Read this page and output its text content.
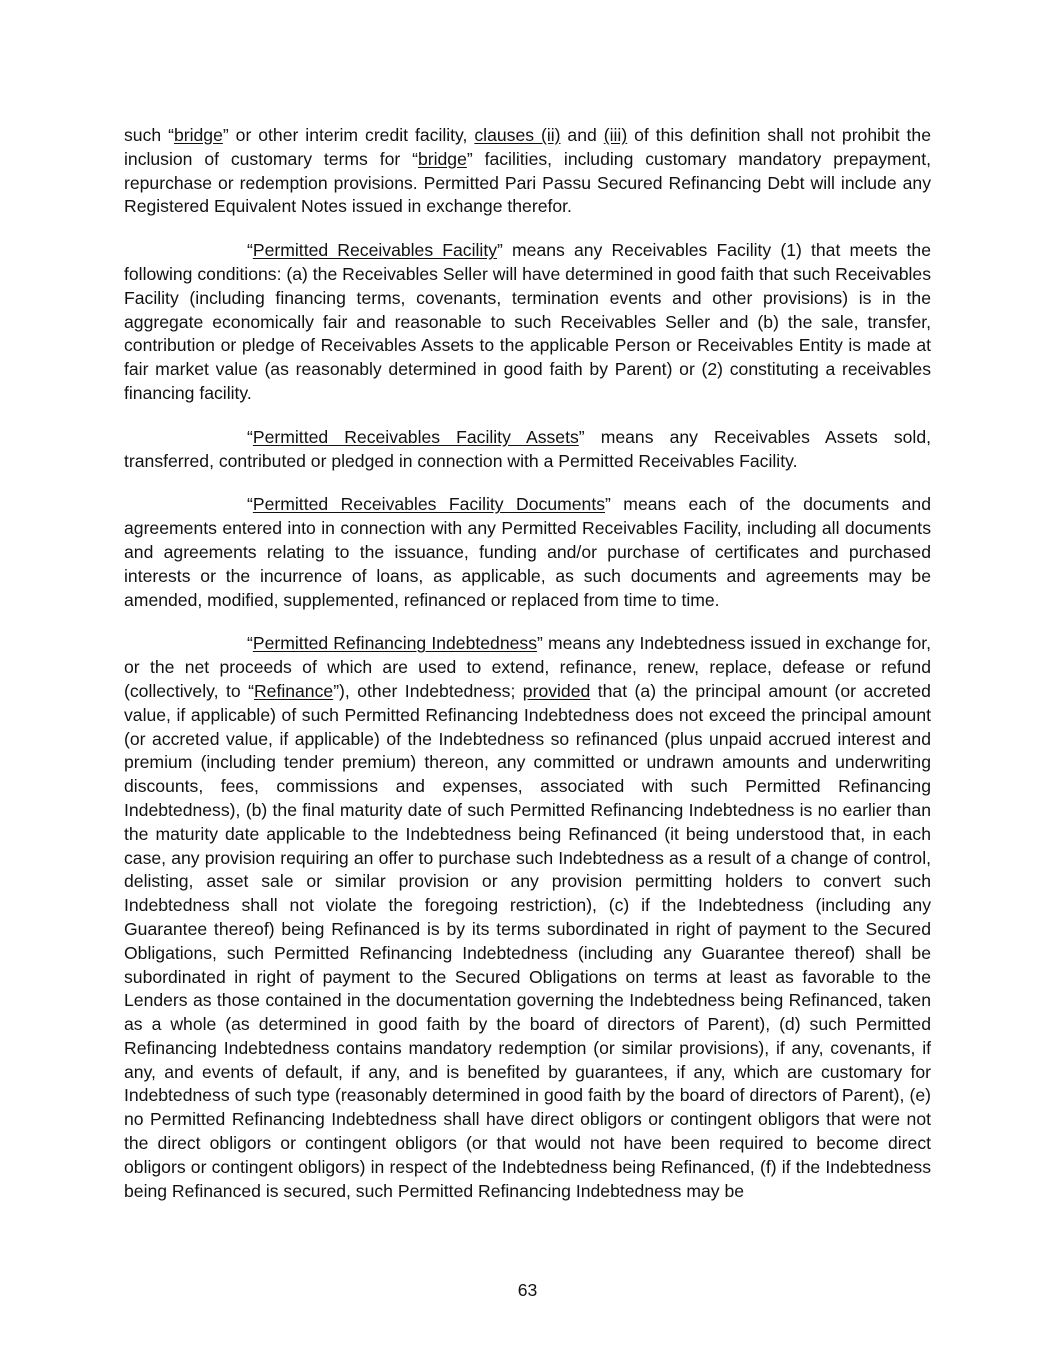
such “bridge” or other interim credit facility, clauses (ii) and (iii) of this definition shall not prohibit the inclusion of customary terms for “bridge” facilities, including customary mandatory prepayment, repurchase or redemption provisions. Permitted Pari Passu Secured Refinancing Debt will include any Registered Equivalent Notes issued in exchange therefor.

“Permitted Receivables Facility” means any Receivables Facility (1) that meets the following conditions: (a) the Receivables Seller will have determined in good faith that such Receivables Facility (including financing terms, covenants, termination events and other provisions) is in the aggregate economically fair and reasonable to such Receivables Seller and (b) the sale, transfer, contribution or pledge of Receivables Assets to the applicable Person or Receivables Entity is made at fair market value (as reasonably determined in good faith by Parent) or (2) constituting a receivables financing facility.

“Permitted Receivables Facility Assets” means any Receivables Assets sold, transferred, contributed or pledged in connection with a Permitted Receivables Facility.

“Permitted Receivables Facility Documents” means each of the documents and agreements entered into in connection with any Permitted Receivables Facility, including all documents and agreements relating to the issuance, funding and/or purchase of certificates and purchased interests or the incurrence of loans, as applicable, as such documents and agreements may be amended, modified, supplemented, refinanced or replaced from time to time.

“Permitted Refinancing Indebtedness” means any Indebtedness issued in exchange for, or the net proceeds of which are used to extend, refinance, renew, replace, defease or refund (collectively, to “Refinance”), other Indebtedness; provided that (a) the principal amount (or accreted value, if applicable) of such Permitted Refinancing Indebtedness does not exceed the principal amount (or accreted value, if applicable) of the Indebtedness so refinanced (plus unpaid accrued interest and premium (including tender premium) thereon, any committed or undrawn amounts and underwriting discounts, fees, commissions and expenses, associated with such Permitted Refinancing Indebtedness), (b) the final maturity date of such Permitted Refinancing Indebtedness is no earlier than the maturity date applicable to the Indebtedness being Refinanced (it being understood that, in each case, any provision requiring an offer to purchase such Indebtedness as a result of a change of control, delisting, asset sale or similar provision or any provision permitting holders to convert such Indebtedness shall not violate the foregoing restriction), (c) if the Indebtedness (including any Guarantee thereof) being Refinanced is by its terms subordinated in right of payment to the Secured Obligations, such Permitted Refinancing Indebtedness (including any Guarantee thereof) shall be subordinated in right of payment to the Secured Obligations on terms at least as favorable to the Lenders as those contained in the documentation governing the Indebtedness being Refinanced, taken as a whole (as determined in good faith by the board of directors of Parent), (d) such Permitted Refinancing Indebtedness contains mandatory redemption (or similar provisions), if any, covenants, if any, and events of default, if any, and is benefited by guarantees, if any, which are customary for Indebtedness of such type (reasonably determined in good faith by the board of directors of Parent), (e) no Permitted Refinancing Indebtedness shall have direct obligors or contingent obligors that were not the direct obligors or contingent obligors (or that would not have been required to become direct obligors or contingent obligors) in respect of the Indebtedness being Refinanced, (f) if the Indebtedness being Refinanced is secured, such Permitted Refinancing Indebtedness may be

63
